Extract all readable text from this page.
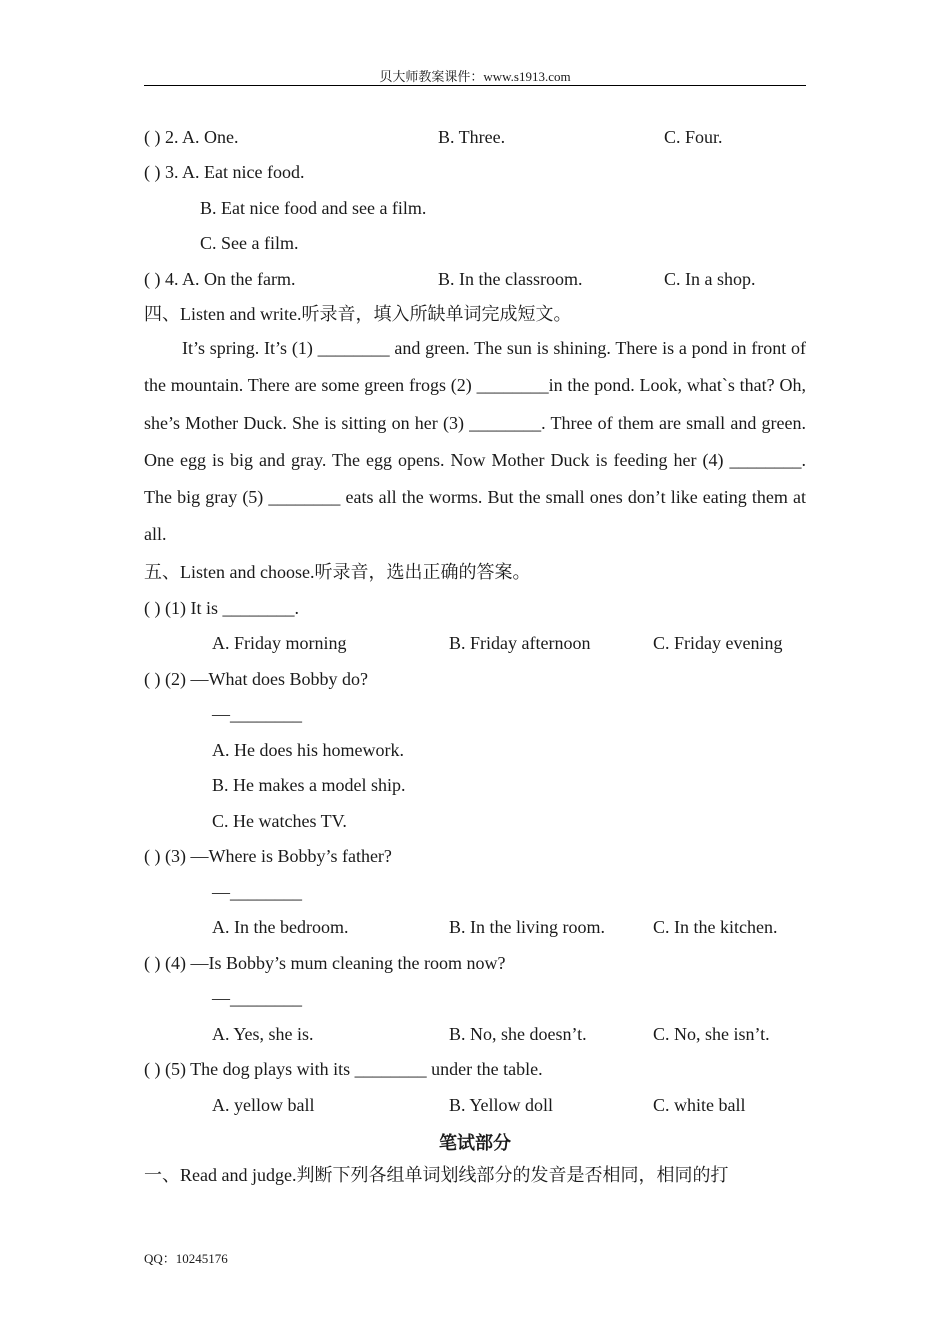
贝大师教案课件：www.s1913.com
( ) 2. A. One.	B. Three.	C. Four.
( ) 3. A. Eat nice food.
B. Eat nice food and see a film.
C. See a film.
( ) 4. A. On the farm.	B. In the classroom.	C. In a shop.
四、Listen and write.听录音，填入所缺单词完成短文。
It’s spring. It’s (1) ________ and green. The sun is shining. There is a pond in front of the mountain. There are some green frogs (2) ________in the pond. Look, what`s that? Oh, she’s Mother Duck. She is sitting on her (3) ________. Three of them are small and green. One egg is big and gray. The egg opens. Now Mother Duck is feeding her (4) ________. The big gray (5) ________ eats all the worms. But the small ones don’t like eating them at all.
五、Listen and choose.听录音，选出正确的答案。
( ) (1) It is ________.
A. Friday morning	B. Friday afternoon	C. Friday evening
( ) (2) —What does Bobby do?
—________
A. He does his homework.
B. He makes a model ship.
C. He watches TV.
( ) (3) —Where is Bobby’s father?
—________
A. In the bedroom.	B. In the living room.	C. In the kitchen.
( ) (4) —Is Bobby’s mum cleaning the room now?
—________
A. Yes, she is.	B. No, she doesn’t.	C. No, she isn’t.
( ) (5) The dog plays with its ________ under the table.
A. yellow ball	B. Yellow doll	C. white ball
笔试部分
一、Read and judge.判断下列各组单词划线部分的发音是否相同，相同的打
QQ：10245176
